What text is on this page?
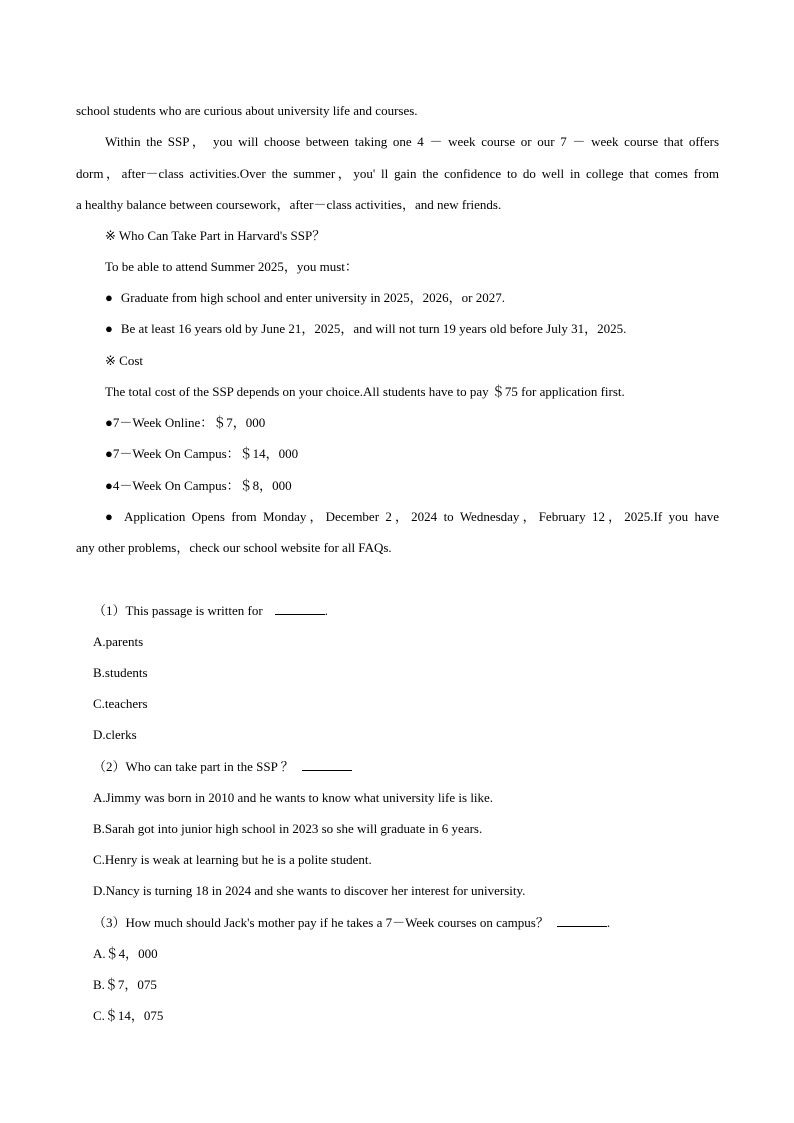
school students who are curious about university life and courses.
Within the SSP， you will choose between taking one 4 － week course or our 7 － week course that offers
dorm，after－class activities.Over the summer，you' ll gain the confidence to do well in college that comes from
a healthy balance between coursework，after－class activities，and new friends.
※ Who Can Take Part in Harvard's SSP？
To be able to attend Summer 2025，you must：
● Graduate from high school and enter university in 2025，2026，or 2027.
● Be at least 16 years old by June 21，2025，and will not turn 19 years old before July 31，2025.
※ Cost
The total cost of the SSP depends on your choice.All students have to pay ＄75 for application first.
●7－Week Online：＄7，000
●7－Week On Campus：＄14，000
●4－Week On Campus：＄8，000
● Application Opens from Monday，December 2，2024 to Wednesday，February 12，2025.If you have
any other problems，check our school website for all FAQs.
（1）This passage is written for	.
A.parents
B.students
C.teachers
D.clerks
（2）Who can take part in the SSP ？
A.Jimmy was born in 2010 and he wants to know what university life is like.
B.Sarah got into junior high school in 2023 so she will graduate in 6 years.
C.Henry is weak at learning but he is a polite student.
D.Nancy is turning 18 in 2024 and she wants to discover her interest for university.
（3）How much should Jack's mother pay if he takes a 7－Week courses on campus？	.
A.＄4，000
B.＄7，075
C.＄14，075
